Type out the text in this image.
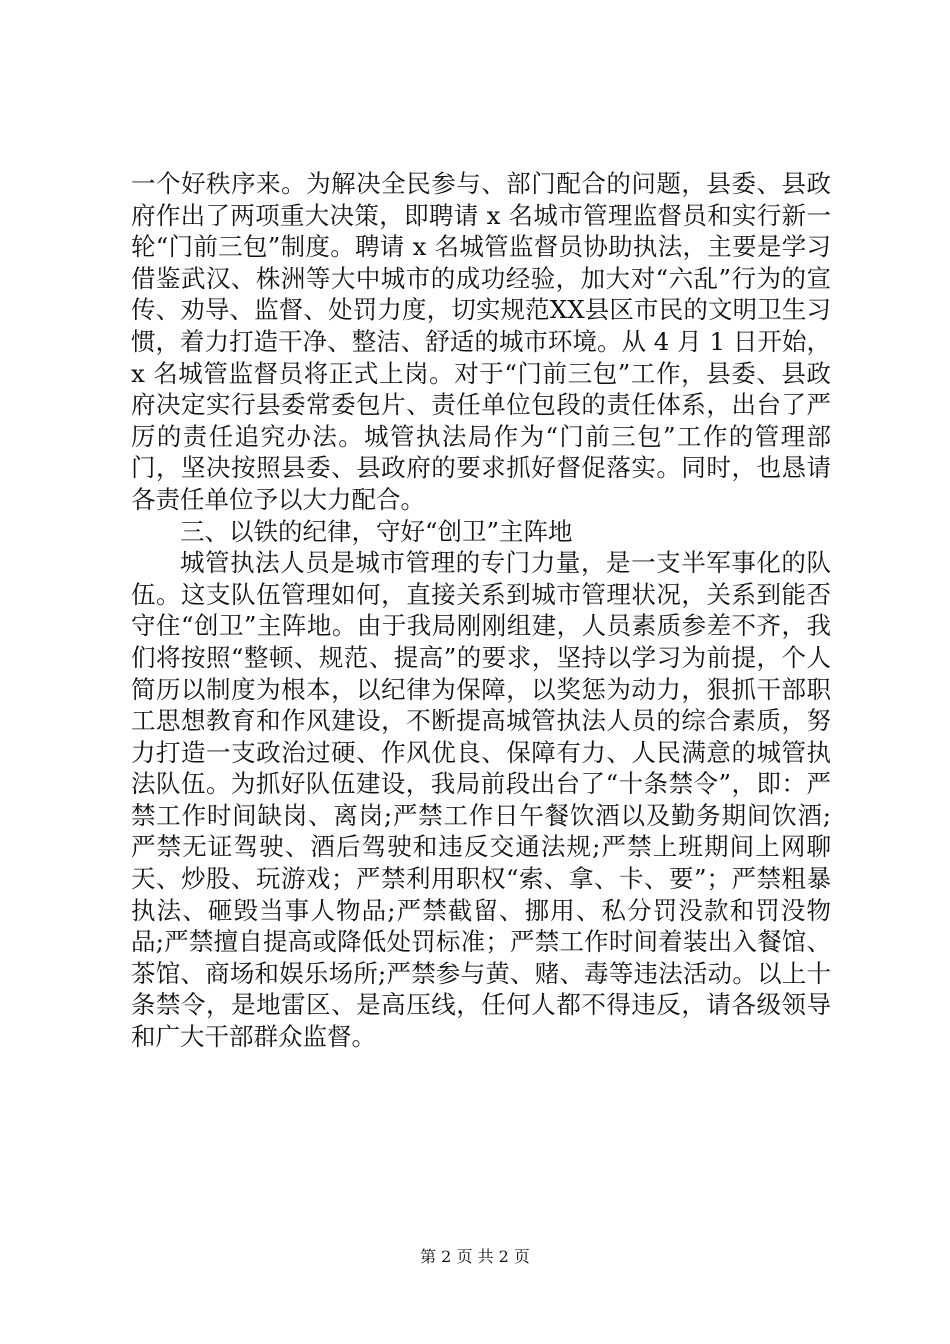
一个好秩序来。为解决全民参与、部门配合的问题，县委、县政府作出了两项重大决策，即聘请 x 名城市管理监督员和实行新一轮“门前三包”制度。聘请 x 名城管监督员协助执法，主要是学习借鉴武汉、株洲等大中城市的成功经验，加大对“六乱”行为的宣传、劝导、监督、处罚力度，切实规范XX县区市民的文明卫生习惯，着力打造干净、整洁、舒适的城市环境。从 4 月 1 日开始，x 名城管监督员将正式上岗。对于“门前三包”工作，县委、县政府决定实行县委常委包片、责任单位包段的责任体系，出台了严厉的责任追究办法。城管执法局作为“门前三包”工作的管理部门，坚决按照县委、县政府的要求抓好督促落实。同时，也恳请各责任单位予以大力配合。

三、以铁的纪律，守好“创卫”主阵地

城管执法人员是城市管理的专门力量，是一支半军事化的队伍。这支队伍管理如何，直接关系到城市管理状况，关系到能否守住“创卫”主阵地。由于我局刚刚组建，人员素质参差不齐，我们将按照“整顿、规范、提高”的要求，坚持以学习为前提，个人简历以制度为根本，以纪律为保障，以奖惩为动力，狠抓干部职工思想教育和作风建设，不断提高城管执法人员的综合素质，努力打造一支政治过硬、作风优良、保障有力、人民满意的城管执法队伍。为抓好队伍建设，我局前段出台了“十条禁令”，即：严禁工作时间缺岗、离岗;严禁工作日午餐饮酒以及勤务期间饮酒;严禁无证驾驶、酒后驾驶和违反交通法规;严禁上班期间上网聊天、炒股、玩游戏；严禁利用职权“索、拿、卡、要”；严禁粗暴执法、砸毁当事人物品;严禁截留、挪用、私分罚没款和罚没物品;严禁擅自提高或降低处罚标准；严禁工作时间着装出入餐馆、茶馆、商场和娱乐场所;严禁参与黄、赌、毒等违法活动。以上十条禁令，是地雷区、是高压线，任何人都不得违反，请各级领导和广大干部群众监督。

第 2 页 共 2 页
